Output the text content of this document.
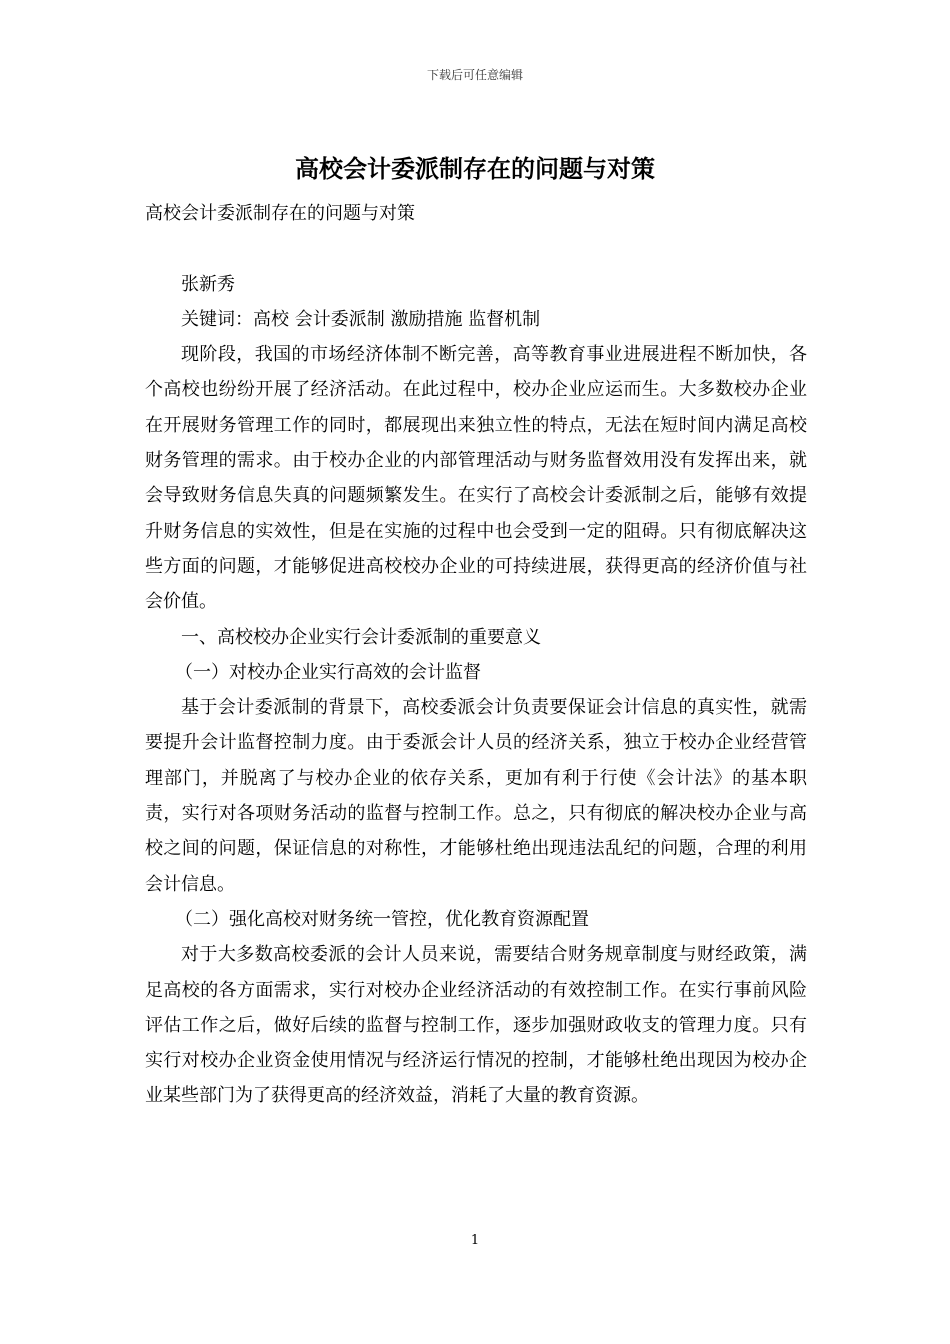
下载后可任意编辑
高校会计委派制存在的问题与对策

高校会计委派制存在的问题与对策

张新秀

关键词：高校 会计委派制 激励措施 监督机制

现阶段，我国的市场经济体制不断完善，高等教育事业进展进程不断加快，各个高校也纷纷开展了经济活动。在此过程中，校办企业应运而生。大多数校办企业在开展财务管理工作的同时，都展现出来独立性的特点，无法在短时间内满足高校财务管理的需求。由于校办企业的内部管理活动与财务监督效用没有发挥出来，就会导致财务信息失真的问题频繁发生。在实行了高校会计委派制之后，能够有效提升财务信息的实效性，但是在实施的过程中也会受到一定的阻碍。只有彻底解决这些方面的问题，才能够促进高校校办企业的可持续进展，获得更高的经济价值与社会价值。

一、高校校办企业实行会计委派制的重要意义

（一）对校办企业实行高效的会计监督

基于会计委派制的背景下，高校委派会计负责要保证会计信息的真实性，就需要提升会计监督控制力度。由于委派会计人员的经济关系，独立于校办企业经营管理部门，并脱离了与校办企业的依存关系，更加有利于行使《会计法》的基本职责，实行对各项财务活动的监督与控制工作。总之，只有彻底的解决校办企业与高校之间的问题，保证信息的对称性，才能够杜绝出现违法乱纪的问题，合理的利用会计信息。

（二）强化高校对财务统一管控，优化教育资源配置

对于大多数高校委派的会计人员来说，需要结合财务规章制度与财经政策，满足高校的各方面需求，实行对校办企业经济活动的有效控制工作。在实行事前风险评估工作之后，做好后续的监督与控制工作，逐步加强财政收支的管理力度。只有实行对校办企业资金使用情况与经济运行情况的控制，才能够杜绝出现因为校办企业某些部门为了获得更高的经济效益，消耗了大量的教育资源。

1
